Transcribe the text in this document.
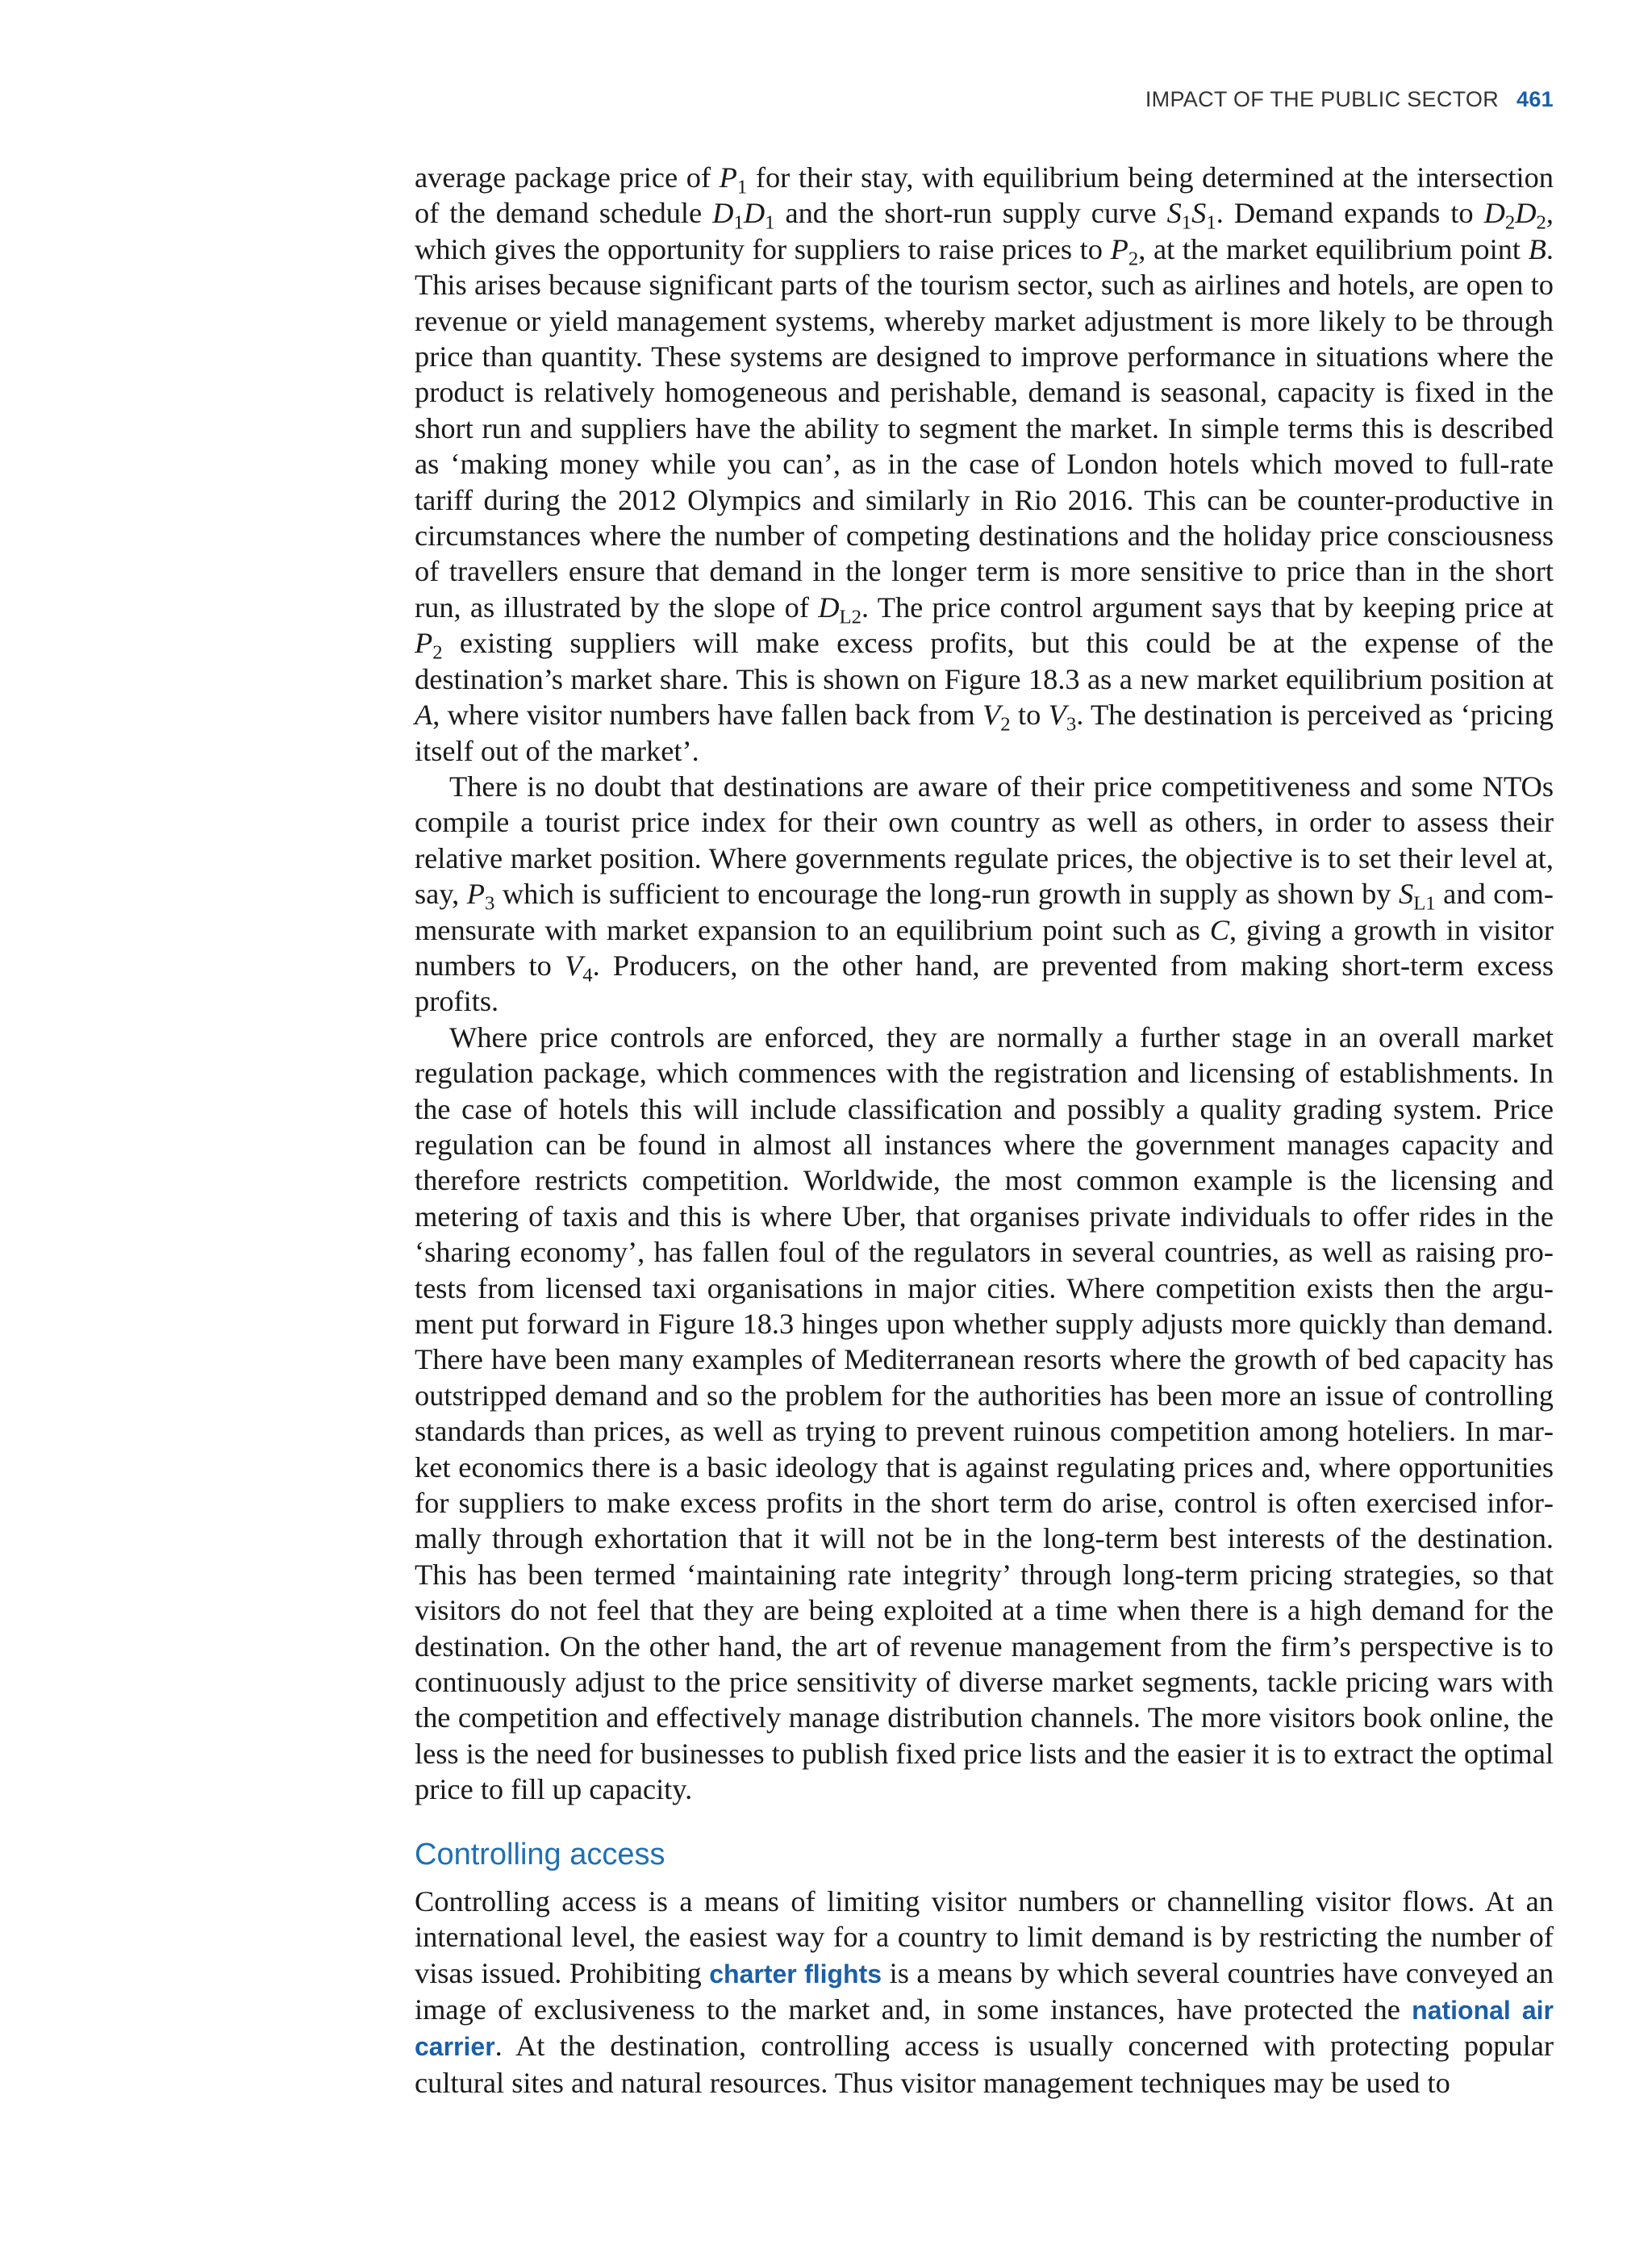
IMPACT OF THE PUBLIC SECTOR 461

average package price of $P_1$ for their stay, with equilibrium being determined at the intersection of the demand schedule $D_1D_1$ and the short-run supply curve $S_1S_1$. Demand expands to $D_2D_2$, which gives the opportunity for suppliers to raise prices to $P_2$, at the market equilibrium point B. This arises because significant parts of the tourism sector, such as airlines and hotels, are open to revenue or yield management systems, whereby market adjustment is more likely to be through price than quantity. These systems are designed to improve performance in situations where the product is relatively homogeneous and perishable, demand is seasonal, capacity is fixed in the short run and suppliers have the ability to segment the market. In simple terms this is described as ‘making money while you can’, as in the case of London hotels which moved to full-rate tariff during the 2012 Olympics and similarly in Rio 2016. This can be counter-productive in circumstances where the number of competing destinations and the holiday price consciousness of travellers ensure that demand in the longer term is more sensitive to price than in the short run, as illustrated by the slope of $D_{L2}$. The price control argument says that by keeping price at $P_2$ existing suppliers will make excess profits, but this could be at the expense of the destination’s market share. This is shown on Figure 18.3 as a new market equilibrium position at A, where visitor numbers have fallen back from $V_2$ to $V_3$. The destination is perceived as ‘pricing itself out of the market’.

There is no doubt that destinations are aware of their price competitiveness and some NTOs compile a tourist price index for their own country as well as others, in order to assess their relative market position. Where governments regulate prices, the objective is to set their level at, say, $P_3$ which is sufficient to encourage the long-run growth in supply as shown by $S_{L1}$ and commensurate with market expansion to an equilibrium point such as C, giving a growth in visitor numbers to $V_4$. Producers, on the other hand, are prevented from making short-term excess profits.

Where price controls are enforced, they are normally a further stage in an overall market regulation package, which commences with the registration and licensing of establishments. In the case of hotels this will include classification and possibly a quality grading system. Price regulation can be found in almost all instances where the government manages capacity and therefore restricts competition. Worldwide, the most common example is the licensing and metering of taxis and this is where Uber, that organises private individuals to offer rides in the ‘sharing economy’, has fallen foul of the regulators in several countries, as well as raising protests from licensed taxi organisations in major cities. Where competition exists then the argument put forward in Figure 18.3 hinges upon whether supply adjusts more quickly than demand. There have been many examples of Mediterranean resorts where the growth of bed capacity has outstripped demand and so the problem for the authorities has been more an issue of controlling standards than prices, as well as trying to prevent ruinous competition among hoteliers. In market economics there is a basic ideology that is against regulating prices and, where opportunities for suppliers to make excess profits in the short term do arise, control is often exercised informally through exhortation that it will not be in the long-term best interests of the destination. This has been termed ‘maintaining rate integrity’ through long-term pricing strategies, so that visitors do not feel that they are being exploited at a time when there is a high demand for the destination. On the other hand, the art of revenue management from the firm’s perspective is to continuously adjust to the price sensitivity of diverse market segments, tackle pricing wars with the competition and effectively manage distribution channels. The more visitors book online, the less is the need for businesses to publish fixed price lists and the easier it is to extract the optimal price to fill up capacity.

Controlling access

Controlling access is a means of limiting visitor numbers or channelling visitor flows. At an international level, the easiest way for a country to limit demand is by restricting the number of visas issued. Prohibiting charter flights is a means by which several countries have conveyed an image of exclusiveness to the market and, in some instances, have protected the national air carrier. At the destination, controlling access is usually concerned with protecting popular cultural sites and natural resources. Thus visitor management techniques may be used to
